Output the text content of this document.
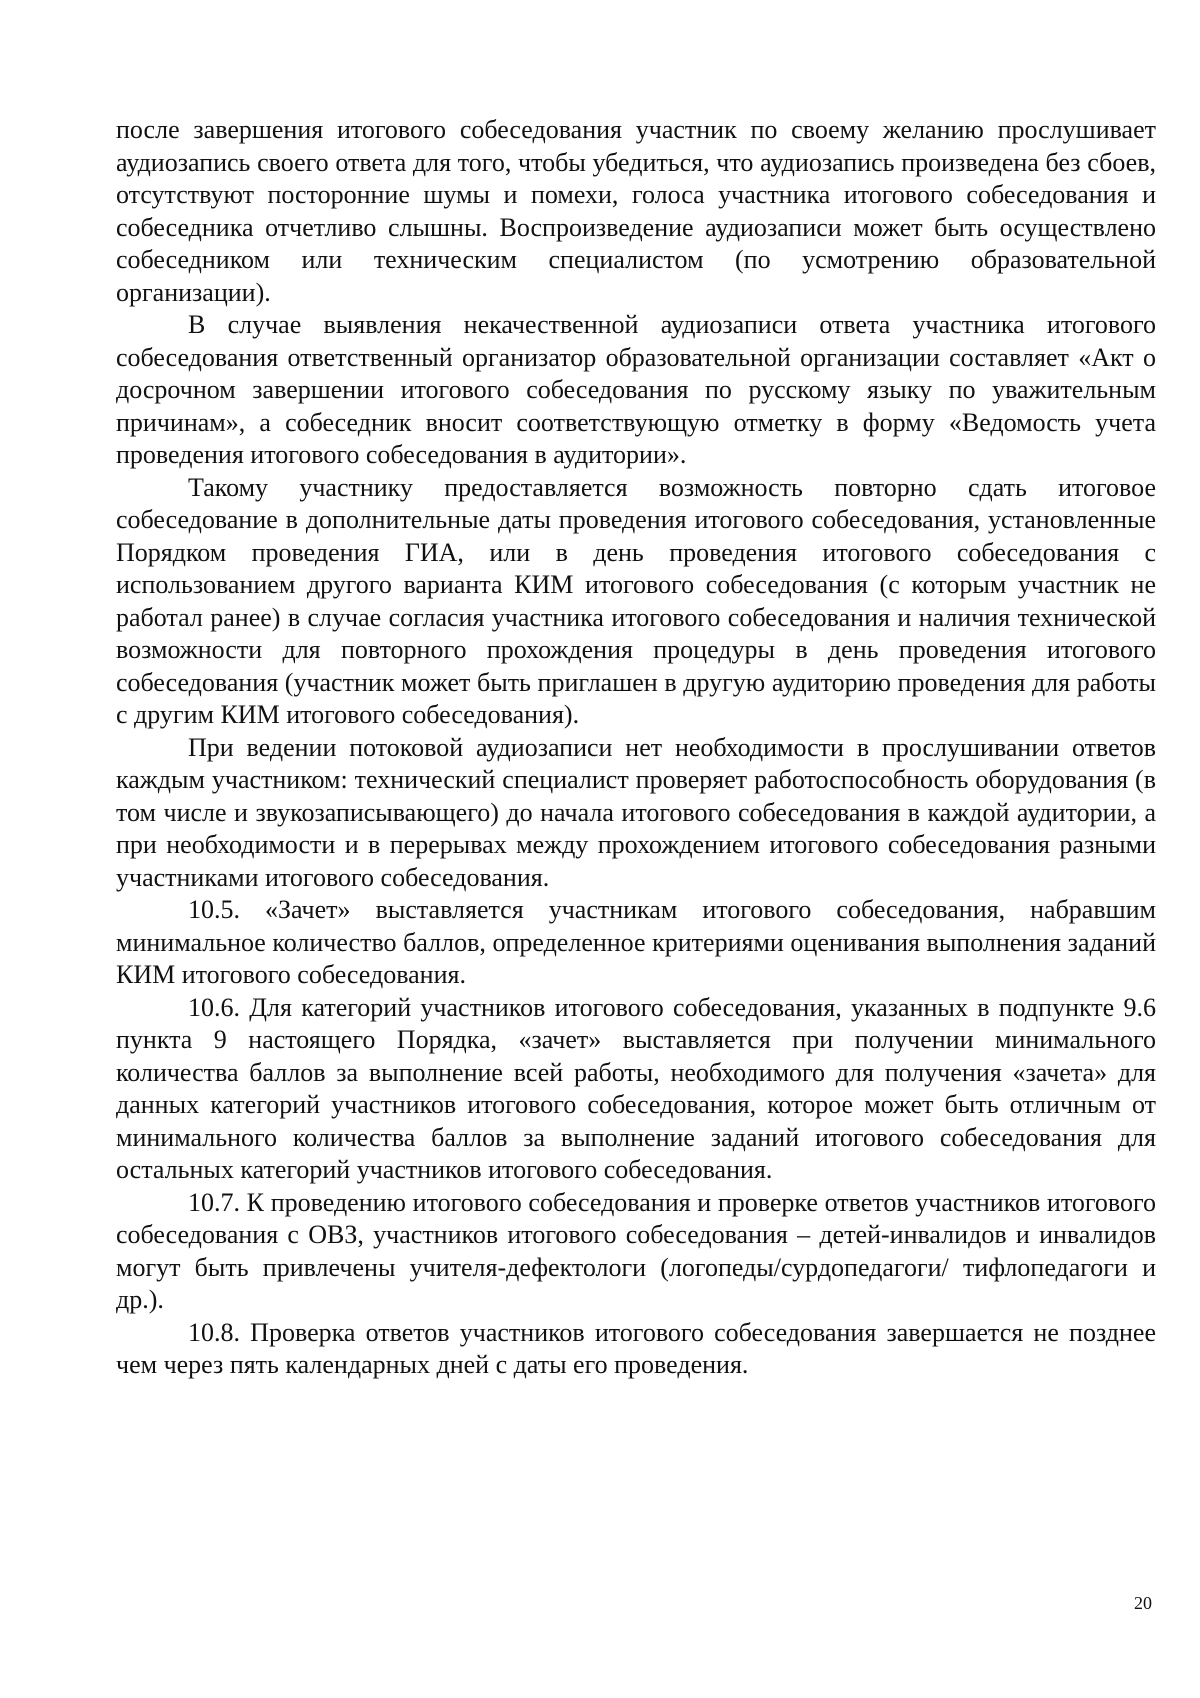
после завершения итогового собеседования участник по своему желанию прослушивает аудиозапись своего ответа для того, чтобы убедиться, что аудиозапись произведена без сбоев, отсутствуют посторонние шумы и помехи, голоса участника итогового собеседования и собеседника отчетливо слышны. Воспроизведение аудиозаписи может быть осуществлено собеседником или техническим специалистом (по усмотрению образовательной организации).

В случае выявления некачественной аудиозаписи ответа участника итогового собеседования ответственный организатор образовательной организации составляет «Акт о досрочном завершении итогового собеседования по русскому языку по уважительным причинам», а собеседник вносит соответствующую отметку в форму «Ведомость учета проведения итогового собеседования в аудитории».

Такому участнику предоставляется возможность повторно сдать итоговое собеседование в дополнительные даты проведения итогового собеседования, установленные Порядком проведения ГИА, или в день проведения итогового собеседования с использованием другого варианта КИМ итогового собеседования (с которым участник не работал ранее) в случае согласия участника итогового собеседования и наличия технической возможности для повторного прохождения процедуры в день проведения итогового собеседования (участник может быть приглашен в другую аудиторию проведения для работы с другим КИМ итогового собеседования).

При ведении потоковой аудиозаписи нет необходимости в прослушивании ответов каждым участником: технический специалист проверяет работоспособность оборудования (в том числе и звукозаписывающего) до начала итогового собеседования в каждой аудитории, а при необходимости и в перерывах между прохождением итогового собеседования разными участниками итогового собеседования.

10.5. «Зачет» выставляется участникам итогового собеседования, набравшим минимальное количество баллов, определенное критериями оценивания выполнения заданий КИМ итогового собеседования.

10.6. Для категорий участников итогового собеседования, указанных в подпункте 9.6 пункта 9 настоящего Порядка, «зачет» выставляется при получении минимального количества баллов за выполнение всей работы, необходимого для получения «зачета» для данных категорий участников итогового собеседования, которое может быть отличным от минимального количества баллов за выполнение заданий итогового собеседования для остальных категорий участников итогового собеседования.

10.7. К проведению итогового собеседования и проверке ответов участников итогового собеседования с ОВЗ, участников итогового собеседования – детей-инвалидов и инвалидов могут быть привлечены учителя-дефектологи (логопеды/сурдопедагоги/ тифлопедагоги и др.).

10.8. Проверка ответов участников итогового собеседования завершается не позднее чем через пять календарных дней с даты его проведения.

20
